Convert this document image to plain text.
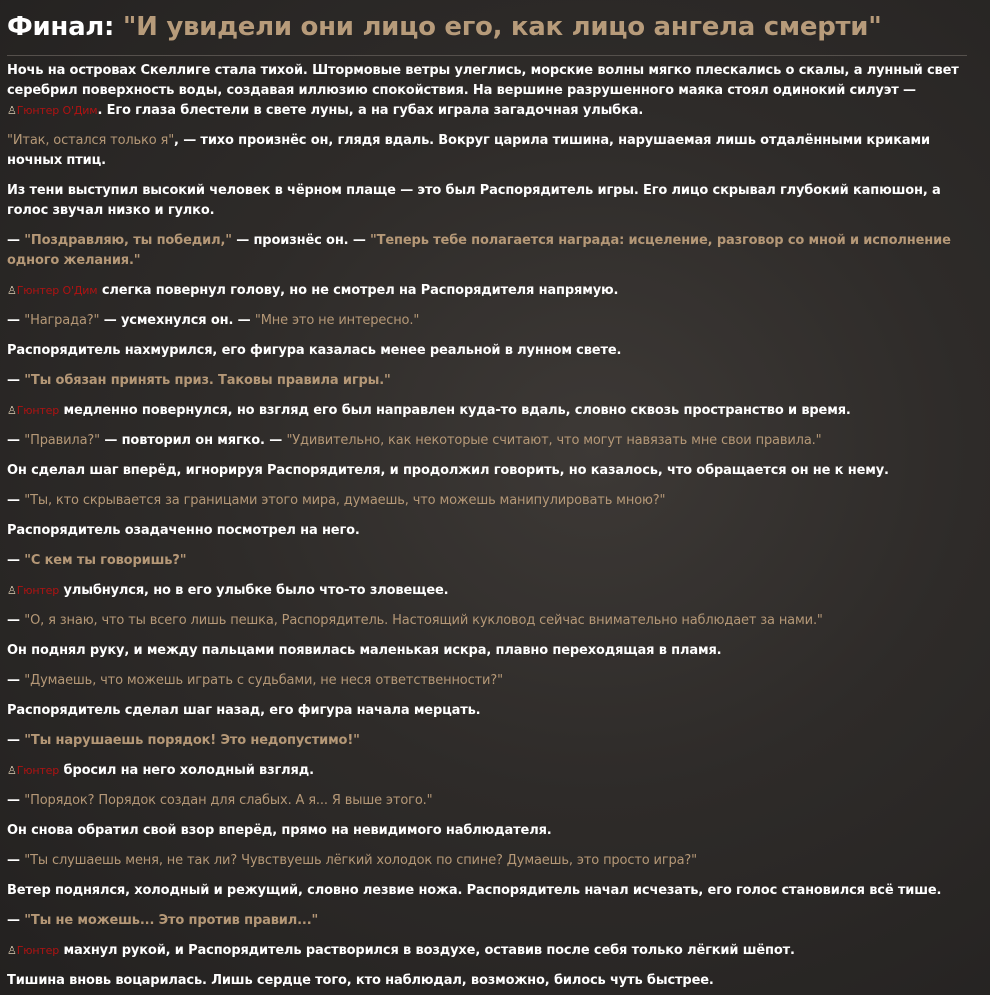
Финал: "И увидели они лицо его, как лицо ангела смерти"

Ночь на островах Скеллиге стала тихой. Штормовые ветры улеглись, морские волны мягко плескались о скалы, а лунный свет серебрил поверхность воды, создавая иллюзию спокойствия. На вершине разрушенного маяка стоял одинокий силуэт — ♙Гюнтер О'Дим. Его глаза блестели в свете луны, а на губах играла загадочная улыбка.

"Итак, остался только я", — тихо произнёс он, глядя вдаль. Вокруг царила тишина, нарушаемая лишь отдалёнными криками ночных птиц.

Из тени выступил высокий человек в чёрном плаще — это был Распорядитель игры. Его лицо скрывал глубокий капюшон, а голос звучал низко и гулко.

— "Поздравляю, ты победил," — произнёс он. — "Теперь тебе полагается награда: исцеление, разговор со мной и исполнение одного желания."

♙Гюнтер О'Дим слегка повернул голову, но не смотрел на Распорядителя напрямую.

— "Награда?" — усмехнулся он. — "Мне это не интересно."

Распорядитель нахмурился, его фигура казалась менее реальной в лунном свете.

— "Ты обязан принять приз. Таковы правила игры."

♙Гюнтер медленно повернулся, но взгляд его был направлен куда-то вдаль, словно сквозь пространство и время.

— "Правила?" — повторил он мягко. — "Удивительно, как некоторые считают, что могут навязать мне свои правила."

Он сделал шаг вперёд, игнорируя Распорядителя, и продолжил говорить, но казалось, что обращается он не к нему.

— "Ты, кто скрывается за границами этого мира, думаешь, что можешь манипулировать мною?"

Распорядитель озадаченно посмотрел на него.

— "С кем ты говоришь?"

♙Гюнтер улыбнулся, но в его улыбке было что-то зловещее.

— "О, я знаю, что ты всего лишь пешка, Распорядитель. Настоящий кукловод сейчас внимательно наблюдает за нами."

Он поднял руку, и между пальцами появилась маленькая искра, плавно переходящая в пламя.

— "Думаешь, что можешь играть с судьбами, не неся ответственности?"

Распорядитель сделал шаг назад, его фигура начала мерцать.

— "Ты нарушаешь порядок! Это недопустимо!"

♙Гюнтер бросил на него холодный взгляд.

— "Порядок? Порядок создан для слабых. А я... Я выше этого."

Он снова обратил свой взор вперёд, прямо на невидимого наблюдателя.

— "Ты слушаешь меня, не так ли? Чувствуешь лёгкий холодок по спине? Думаешь, это просто игра?"

Ветер поднялся, холодный и режущий, словно лезвие ножа. Распорядитель начал исчезать, его голос становился всё тише.

— "Ты не можешь... Это против правил..."

♙Гюнтер махнул рукой, и Распорядитель растворился в воздухе, оставив после себя только лёгкий шёпот.

Тишина вновь воцарилась. Лишь сердце того, кто наблюдал, возможно, билось чуть быстрее.
